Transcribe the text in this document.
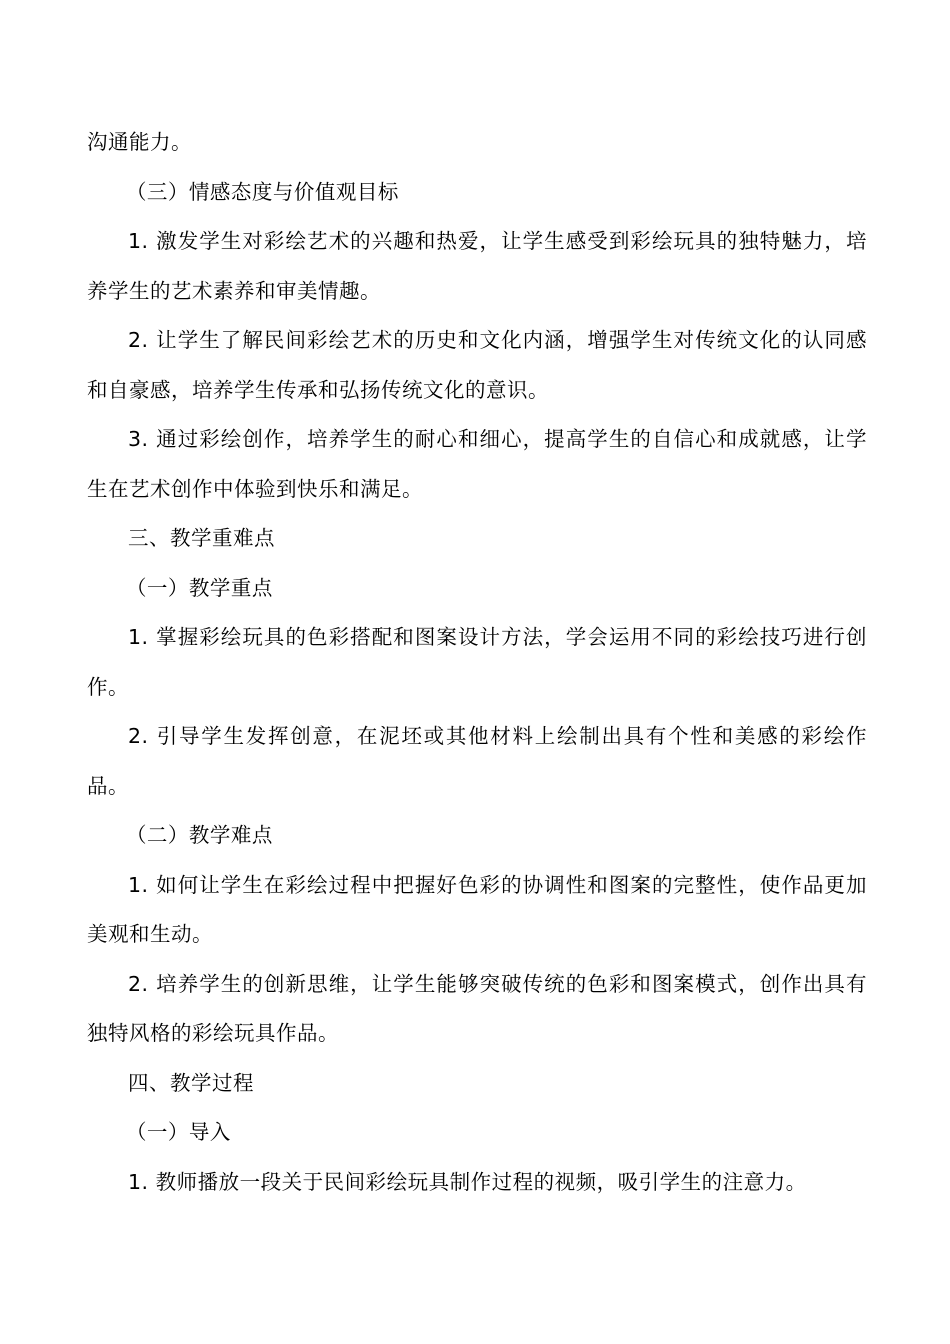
沟通能力。

（三）情感态度与价值观目标

1. 激发学生对彩绘艺术的兴趣和热爱，让学生感受到彩绘玩具的独特魅力，培养学生的艺术素养和审美情趣。

2. 让学生了解民间彩绘艺术的历史和文化内涵，增强学生对传统文化的认同感和自豪感，培养学生传承和弘扬传统文化的意识。

3. 通过彩绘创作，培养学生的耐心和细心，提高学生的自信心和成就感，让学生在艺术创作中体验到快乐和满足。

三、教学重难点

（一）教学重点

1. 掌握彩绘玩具的色彩搭配和图案设计方法，学会运用不同的彩绘技巧进行创作。

2. 引导学生发挥创意，在泥坯或其他材料上绘制出具有个性和美感的彩绘作品。

（二）教学难点

1. 如何让学生在彩绘过程中把握好色彩的协调性和图案的完整性，使作品更加美观和生动。

2. 培养学生的创新思维，让学生能够突破传统的色彩和图案模式，创作出具有独特风格的彩绘玩具作品。

四、教学过程

（一）导入

1. 教师播放一段关于民间彩绘玩具制作过程的视频，吸引学生的注意力。
